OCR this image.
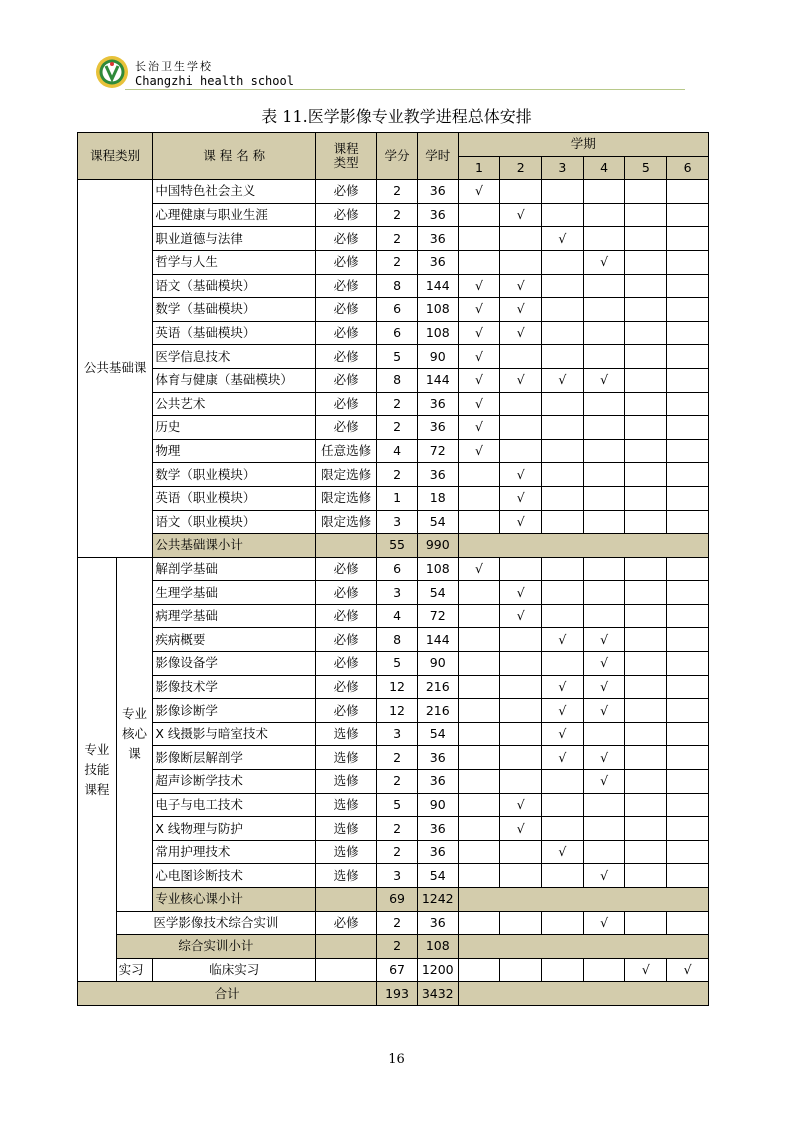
长治卫生学校
Changzhi health school
表 11.医学影像专业教学进程总体安排
课程类别		课 程 名 称	课程
类型	学分	学时	学期					
						1	2	3	4	5	6
公共基础课		中国特色社会主义	必修	2	36	√					
		心理健康与职业生涯	必修	2	36		√				
		职业道德与法律	必修	2	36			√			
		哲学与人生	必修	2	36				√		
		语文（基础模块）	必修	8	144	√	√				
		数学（基础模块）	必修	6	108	√	√				
		英语（基础模块）	必修	6	108	√	√				
		医学信息技术	必修	5	90	√					
		体育与健康（基础模块）	必修	8	144	√	√	√	√		
		公共艺术	必修	2	36	√					
		历史	必修	2	36	√					
		物理	任意选修	4	72	√					
		数学（职业模块）	限定选修	2	36		√				
		英语（职业模块）	限定选修	1	18		√				
		语文（职业模块）	限定选修	3	54		√				
		公共基础课小计		55	990						
专业技能课程	专业核心课	解剖学基础	必修	6	108	√					
		生理学基础	必修	3	54		√				
		病理学基础	必修	4	72		√				
		疾病概要	必修	8	144			√	√		
		影像设备学	必修	5	90				√		
		影像技术学	必修	12	216			√	√		
		影像诊断学	必修	12	216			√	√		
		X 线摄影与暗室技术	选修	3	54			√			
		影像断层解剖学	选修	2	36			√	√		
		超声诊断学技术	选修	2	36				√		
		电子与电工技术	选修	5	90		√				
		X 线物理与防护	选修	2	36		√				
		常用护理技术	选修	2	36			√			
		心电图诊断技术	选修	3	54				√		
		专业核心课小计		69	1242						
	医学影像技术综合实训		必修	2	36				√		
	综合实训小计			2	108						
	实习	临床实习		67	1200					√	√
合计				193	3432						
16
